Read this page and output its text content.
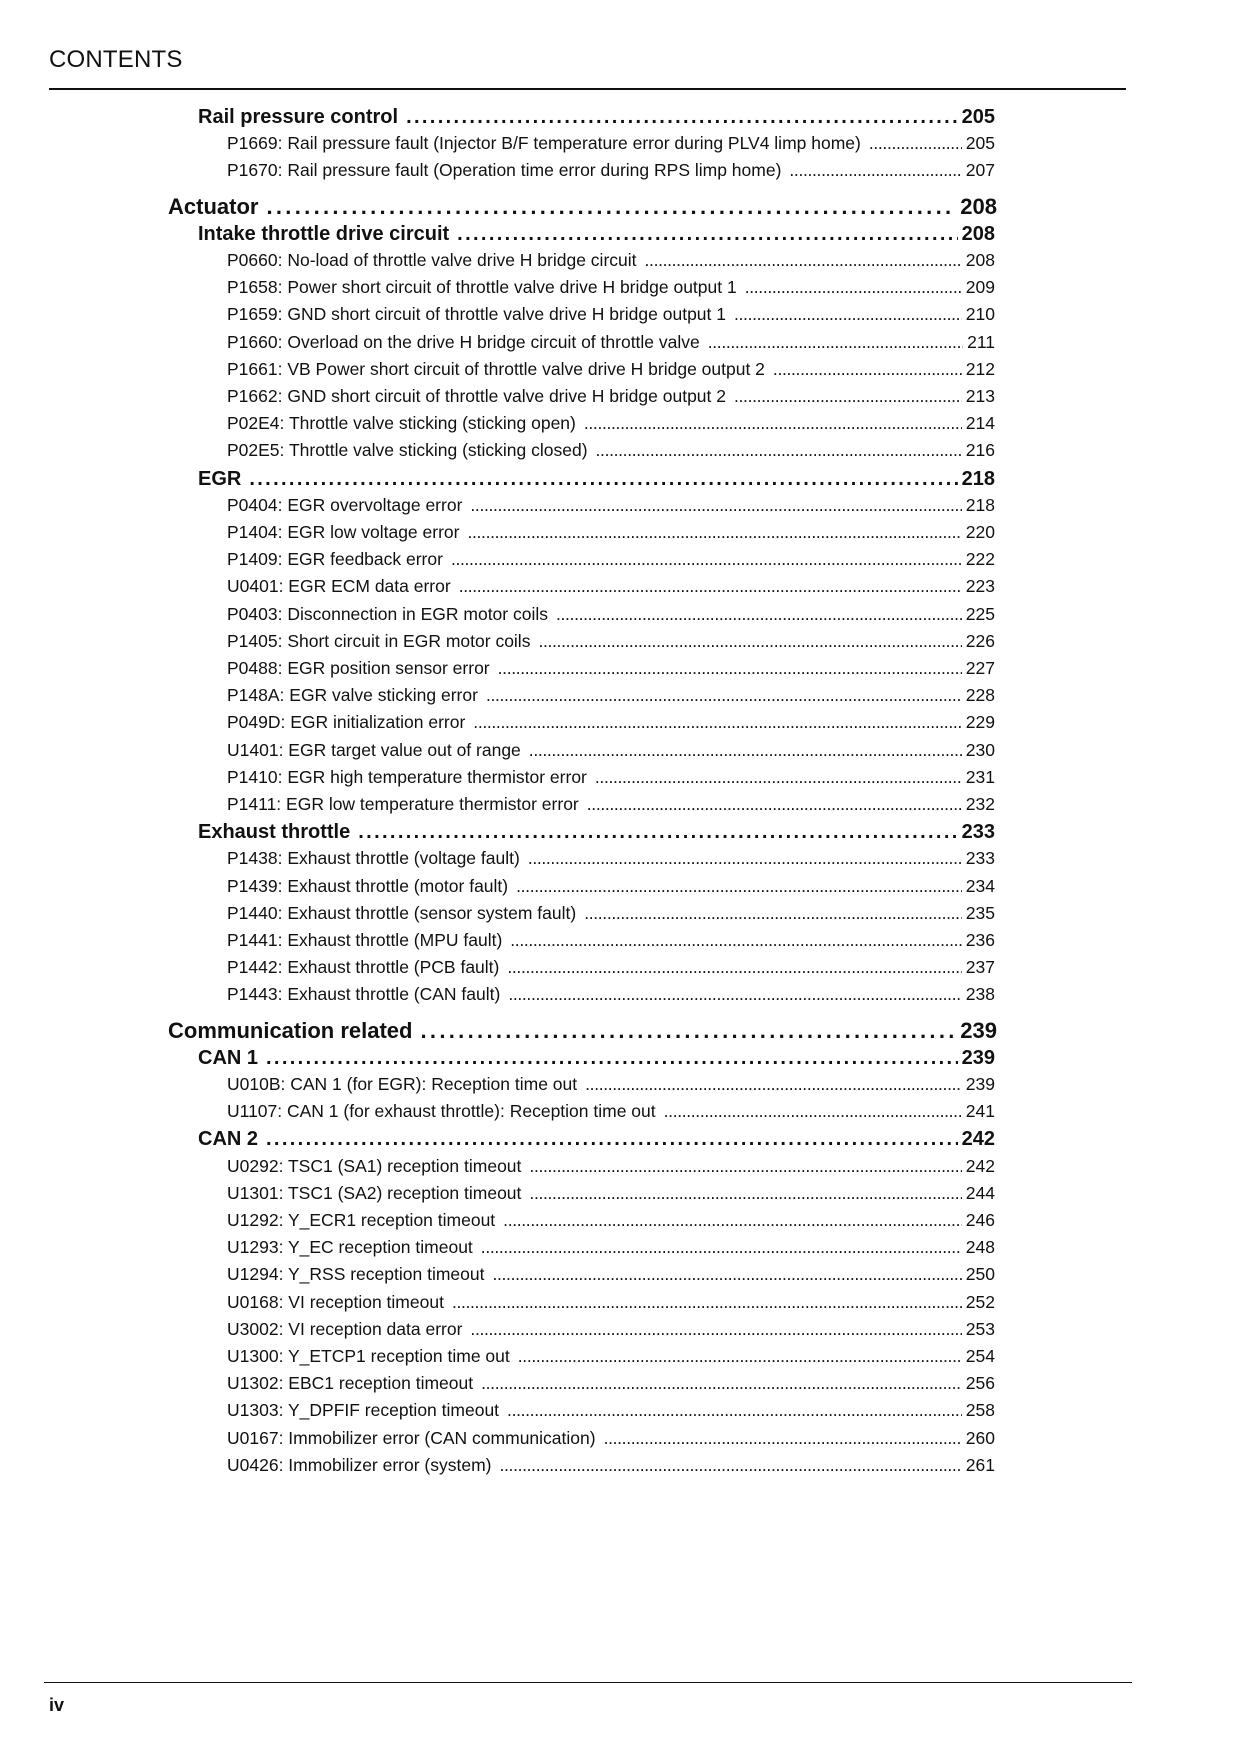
CONTENTS
Rail pressure control . . .	205
P1669: Rail pressure fault (Injector B/F temperature error during PLV4 limp home) . . .	205
P1670: Rail pressure fault (Operation time error during RPS limp home) . . .	207
Actuator . . .	208
Intake throttle drive circuit . . .	208
P0660: No-load of throttle valve drive H bridge circuit . . .	208
P1658: Power short circuit of throttle valve drive H bridge output 1 . . .	209
P1659: GND short circuit of throttle valve drive H bridge output 1 . . .	210
P1660: Overload on the drive H bridge circuit of throttle valve . . .	211
P1661: VB Power short circuit of throttle valve drive H bridge output 2 . . .	212
P1662: GND short circuit of throttle valve drive H bridge output 2 . . .	213
P02E4: Throttle valve sticking (sticking open) . . .	214
P02E5: Throttle valve sticking (sticking closed) . . .	216
EGR . . .	218
P0404: EGR overvoltage error . . .	218
P1404: EGR low voltage error . . .	220
P1409: EGR feedback error . . .	222
U0401: EGR ECM data error . . .	223
P0403: Disconnection in EGR motor coils . . .	225
P1405: Short circuit in EGR motor coils . . .	226
P0488: EGR position sensor error . . .	227
P148A: EGR valve sticking error . . .	228
P049D: EGR initialization error . . .	229
U1401: EGR target value out of range . . .	230
P1410: EGR high temperature thermistor error . . .	231
P1411: EGR low temperature thermistor error . . .	232
Exhaust throttle . . .	233
P1438: Exhaust throttle (voltage fault) . . .	233
P1439: Exhaust throttle (motor fault) . . .	234
P1440: Exhaust throttle (sensor system fault) . . .	235
P1441: Exhaust throttle (MPU fault) . . .	236
P1442: Exhaust throttle (PCB fault) . . .	237
P1443: Exhaust throttle (CAN fault) . . .	238
Communication related . . .	239
CAN 1 . . .	239
U010B: CAN 1 (for EGR): Reception time out . . .	239
U1107: CAN 1 (for exhaust throttle): Reception time out . . .	241
CAN 2 . . .	242
U0292: TSC1 (SA1) reception timeout . . .	242
U1301: TSC1 (SA2) reception timeout . . .	244
U1292: Y_ECR1 reception timeout . . .	246
U1293: Y_EC reception timeout . . .	248
U1294: Y_RSS reception timeout . . .	250
U0168: VI reception timeout . . .	252
U3002: VI reception data error . . .	253
U1300: Y_ETCP1 reception time out . . .	254
U1302: EBC1 reception timeout . . .	256
U1303: Y_DPFIF reception timeout . . .	258
U0167: Immobilizer error (CAN communication) . . .	260
U0426: Immobilizer error (system) . . .	261
iv
